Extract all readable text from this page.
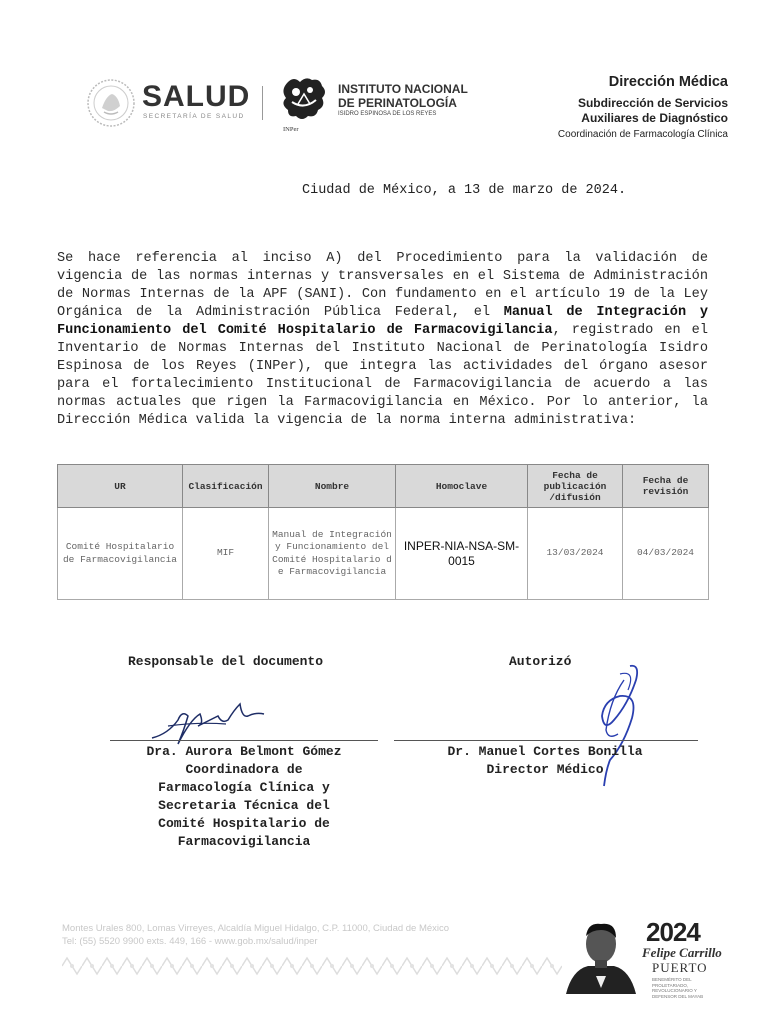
SALUD
SECRETARÍA DE SALUD
INPer
INSTITUTO NACIONAL
DE PERINATOLOGÍA
ISIDRO ESPINOSA DE LOS REYES
Dirección Médica
Subdirección de Servicios
Auxiliares de Diagnóstico
Coordinación de Farmacología Clínica
Ciudad de México, a 13 de marzo de 2024.
Se hace referencia al inciso A) del Procedimiento para la validación de vigencia de las normas internas y transversales en el Sistema de Administración de Normas Internas de la APF (SANI). Con fundamento en el artículo 19 de la Ley Orgánica de la Administración Pública Federal, el Manual de Integración y Funcionamiento del Comité Hospitalario de Farmacovigilancia, registrado en el Inventario de Normas Internas del Instituto Nacional de Perinatología Isidro Espinosa de los Reyes (INPer), que integra las actividades del órgano asesor para el fortalecimiento Institucional de Farmacovigilancia de acuerdo a las normas actuales que rigen la Farmacovigilancia en México. Por lo anterior, la Dirección Médica valida la vigencia de la norma interna administrativa:
UR	Clasificación	Nombre	Homoclave	Fecha de publicación /difusión	Fecha de revisión
Comité Hospitalario de Farmacovigilancia	MIF	Manual de Integración y Funcionamiento del Comité Hospitalario de Farmacovigilancia	INPER-NIA-NSA-SM-0015	13/03/2024	04/03/2024
Responsable del documento	Autorizó
Dra. Aurora Belmont Gómez
Coordinadora de
Farmacología Clínica y
Secretaria Técnica del
Comité Hospitalario de
Farmacovigilancia
Dr. Manuel Cortes Bonilla
Director Médico
Montes Urales 800, Lomas Virreyes, Alcaldía Miguel Hidalgo, C.P. 11000, Ciudad de México
Tel: (55) 5520 9900 exts. 449, 166 - www.gob.mx/salud/inper	2024
Felipe Carrillo
PUERTO
BENEMÉRITO DEL PROLETARIADO, REVOLUCIONARIO Y DEFENSOR DEL MAYAB
